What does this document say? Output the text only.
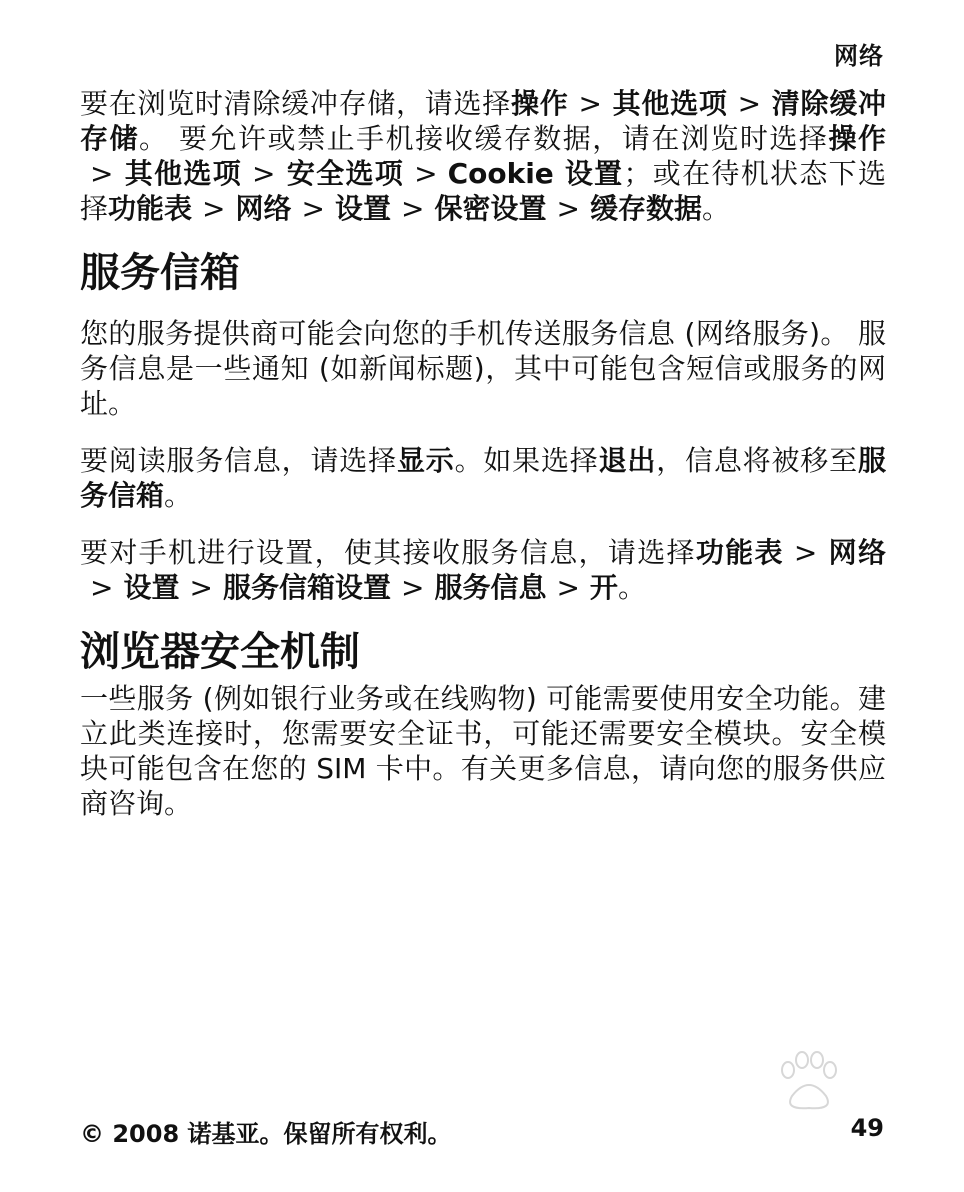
网络

要在浏览时清除缓冲存储，请选择操作 > 其他选项 > 清除缓冲存储。 要允许或禁止手机接收缓存数据，请在浏览时选择操作> 其他选项 > 安全选项 > Cookie 设置；或在待机状态下选择功能表 > 网络 > 设置 > 保密设置 > 缓存数据。

服务信箱

您的服务提供商可能会向您的手机传送服务信息 (网络服务)。 服务信息是一些通知 (如新闻标题)，其中可能包含短信或服务的网址。

要阅读服务信息，请选择显示。如果选择退出，信息将被移至服务信箱。

要对手机进行设置，使其接收服务信息，请选择功能表 > 网络> 设置 > 服务信箱设置 > 服务信息 > 开。

浏览器安全机制

一些服务 (例如银行业务或在线购物) 可能需要使用安全功能。建立此类连接时，您需要安全证书，可能还需要安全模块。安全模块可能包含在您的 SIM 卡中。有关更多信息，请向您的服务供应商咨询。

© 2008 诺基亚。保留所有权利。	49
